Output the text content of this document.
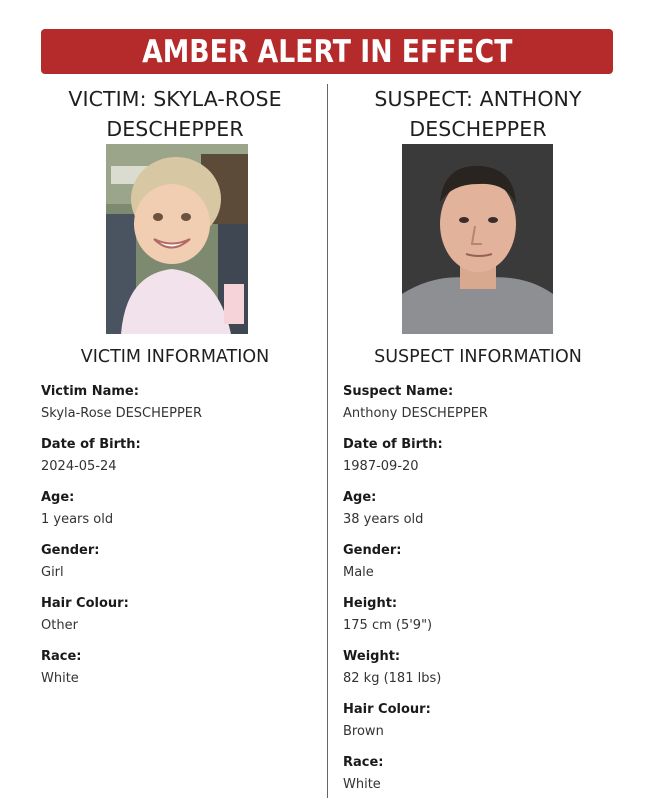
AMBER ALERT IN EFFECT
VICTIM: SKYLA-ROSE
DESCHEPPER
VICTIM INFORMATION
Victim Name:
Skyla-Rose DESCHEPPER
Date of Birth:
2024-05-24
Age:
1 years old
Gender:
Girl
Hair Colour:
Other
Race:
White
SUSPECT: ANTHONY
DESCHEPPER
SUSPECT INFORMATION
Suspect Name:
Anthony DESCHEPPER
Date of Birth:
1987-09-20
Age:
38 years old
Gender:
Male
Height:
175 cm (5'9")
Weight:
82 kg (181 lbs)
Hair Colour:
Brown
Race:
White
